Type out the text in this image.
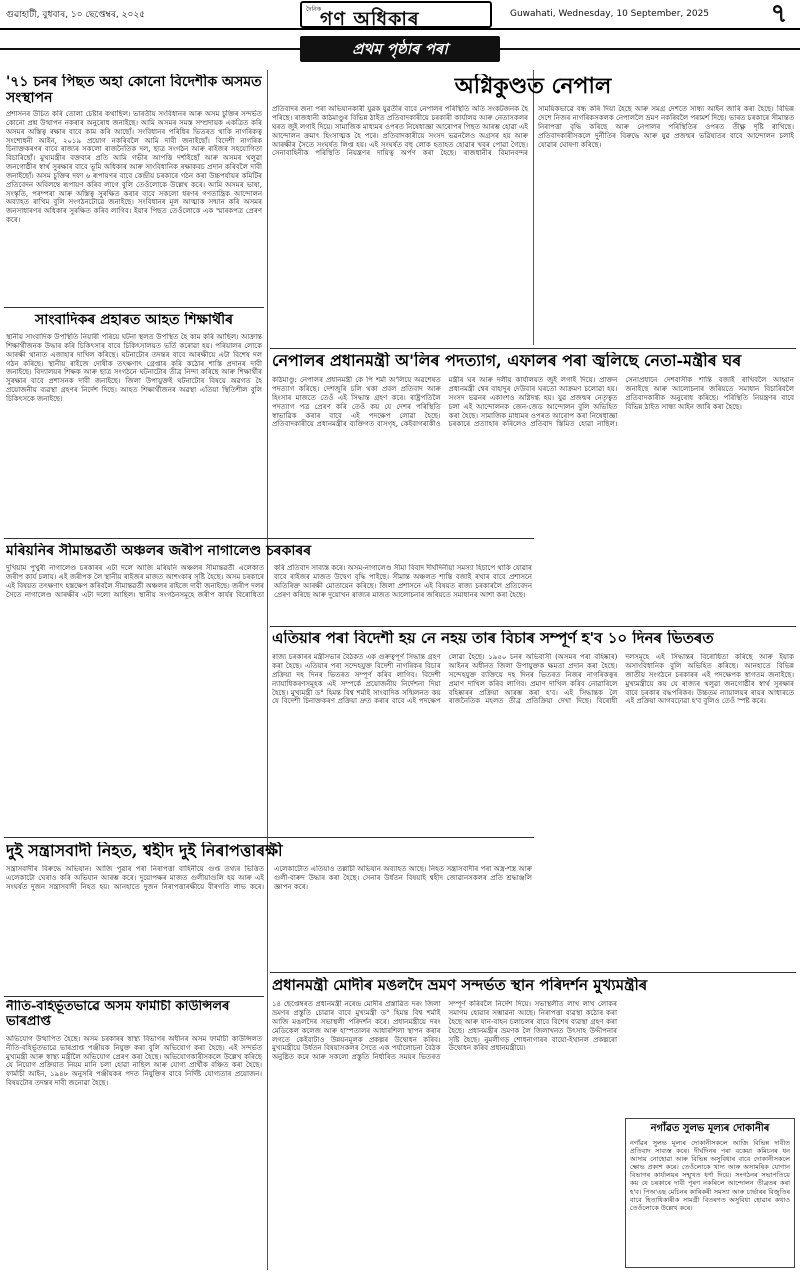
গুৱাহাটী, বুধবাৰ, ১০ ছেপ্তেম্বৰ, ২০২৫
দৈনিক
গণ অধিকাৰ	Guwahati, Wednesday, 10 September, 2025	৭
প্ৰথম পৃষ্ঠাৰ পৰা
'৭১ চনৰ পিছত অহা কোনো বিদেশীক অসমত সংস্থাপন
প্ৰশাসনৰ উচিত কৰি তোলা চেষ্টাৰ কথাছিল। ভাৰতীয় সংবিধানৰ আৰু অসম চুক্তিৰ সন্দৰ্ভত কোনো প্ৰশ্ন উত্থাপন নকৰাৰ অনুৰোধ জনাইছে। আমি অসমৰ সমস্ত সম্প্ৰদায়ক একত্ৰিত কৰি অসমৰ অস্তিত্ব ৰক্ষাৰ বাবে কাম কৰি আছোঁ। সংবিধানৰ পৰিধিৰ ভিতৰত থাকি নাগৰিকত্ব সংশোধনী আইন, ২০১৯ প্ৰয়োগ নকৰিবলৈ আমি দাবী জনাইছোঁ। বিদেশী নাগৰিক চিনাক্তকৰণৰ বাবে ৰাজ্যৰ সকলো ৰাজনৈতিক দল, ছাত্ৰ সংগঠন আৰু ৰাইজৰ সহযোগিতা বিচাৰিছোঁ। মুখ্যমন্ত্ৰীৰ বক্তব্যৰ প্ৰতি আমি গভীৰ আপত্তি দৰ্শাইছোঁ আৰু অসমৰ থলুৱা জনগোষ্ঠীৰ স্বাৰ্থ সুৰক্ষাৰ বাবে ভূমি অধিকাৰ আৰু সাংবিধানিক ৰক্ষাকবচ প্ৰদান কৰিবলৈ দাবী জনাইছোঁ। অসম চুক্তিৰ দফা ৬ ৰূপায়ণৰ বাবে কেন্দ্ৰীয় চৰকাৰে গঠন কৰা উচ্চপৰ্যায়ৰ কমিটিৰ প্ৰতিবেদন অবিলম্বে ৰূপায়ণ কৰিব লাগে বুলি তেওঁলোকে উল্লেখ কৰে। আমি অসমৰ ভাষা, সংস্কৃতি, পৰম্পৰা আৰু অস্তিত্ব সুৰক্ষিত কৰাৰ বাবে সকলো ধৰণৰ গণতান্ত্ৰিক আন্দোলন অব্যাহত ৰাখিম বুলি সংগঠনটোৱে জনাইছে। সংবিধানৰ মূল আত্মাক সন্মান কৰি অসমৰ জনসাধাৰণৰ অধিকাৰ সুৰক্ষিত কৰিব লাগিব। ইয়াৰ পিছত তেওঁলোকে এক স্মাৰকপত্ৰ প্ৰেৰণ কৰে।
সাংবাদিকৰ প্ৰহাৰত আহত শিক্ষাৰ্থীৰ
স্থানীয় সাংবাদিক উপস্থিতি নিয়াৰী পৰিয়ে ঘটনা স্থলত উপস্থিত হৈ কাম কৰি আছিল। আক্ৰান্ত শিক্ষাৰ্থীজনক উদ্ধাৰ কৰি চিকিৎসাৰ বাবে চিকিৎসালয়ত ভৰ্তি কৰোৱা হয়। পৰিয়ালৰ লোকে আৰক্ষী থানাত এজাহাৰ দাখিল কৰিছে। ঘটনাটোৰ তদন্তৰ বাবে আৰক্ষীয়ে এটা বিশেষ দল গঠন কৰিছে। স্থানীয় ৰাইজে দোষীক তৎক্ষণাৎ গ্ৰেপ্তাৰ কৰি কঠোৰ শাস্তি প্ৰদানৰ দাবী জনাইছে। বিদ্যালয়ৰ শিক্ষক আৰু ছাত্ৰ সংগঠনে ঘটনাটোৰ তীব্ৰ নিন্দা কৰিছে আৰু শিক্ষাৰ্থীৰ সুৰক্ষাৰ বাবে প্ৰশাসনক দাবী জনাইছে। জিলা উপায়ুক্তই ঘটনাটোৰ বিষয়ে অৱগত হৈ প্ৰয়োজনীয় ব্যৱস্থা গ্ৰহণৰ নিৰ্দেশ দিছে। আহত শিক্ষাৰ্থীজনৰ অৱস্থা এতিয়া স্থিতিশীল বুলি চিকিৎসকে জনাইছে।
মৰিয়নিৰ সীমান্তৱৰ্তী অঞ্চলৰ জৰীপ নাগালেণ্ড চৰকাৰৰ
দুখিয়াম পুখুৰী নাগালেণ্ড চৰকাৰৰ এটা দলে আজি মৰিয়নি অঞ্চলৰ সীমান্তৱৰ্তী এলেকাত জৰীপ কাৰ্য চলায়। এই জৰীপক লৈ স্থানীয় ৰাইজৰ মাজত আশংকাৰ সৃষ্টি হৈছে। অসম চৰকাৰে এই বিষয়ত তৎক্ষণাৎ হস্তক্ষেপ কৰিবলৈ সীমান্তৱৰ্তী অঞ্চলৰ ৰাইজে দাবী জনাইছে। জৰীপ দলৰ সৈতে নাগালেণ্ড আৰক্ষীৰ এটা দলো আছিল। স্থানীয় সংগঠনসমূহে জৰীপ কাৰ্যৰ বিৰোধিতা কৰি প্ৰতিবাদ সাব্যস্ত কৰে। অসম-নাগালেণ্ড সীমা বিবাদ দীৰ্ঘদিনীয়া সমস্যা হিচাপে থাকি যোৱাৰ বাবে ৰাইজৰ মাজত উদ্বেগ বৃদ্ধি পাইছে। সীমান্ত অঞ্চলত শান্তি বজাই ৰখাৰ বাবে প্ৰশাসনে অতিৰিক্ত আৰক্ষী মোতায়েন কৰিছে। জিলা প্ৰশাসনে এই বিষয়ত ৰাজ্য চৰকাৰলৈ প্ৰতিবেদন প্ৰেৰণ কৰিছে আৰু দুয়োখন ৰাজ্যৰ মাজত আলোচনাৰ জৰিয়তে সমাধানৰ আশা কৰা হৈছে।
দুই সন্ত্ৰাসবাদী নিহত, শ্বহীদ দুই নিৰাপত্তাৰক্ষী
সন্ত্ৰাসবাদীৰ বিৰুদ্ধে অভিযান। আজি পুৱাৰ পৰা নিৰাপত্তা বাহিনীয়ে গুপ্ত তথ্যৰ ভিত্তিত এলেকাটো ঘেৰাও কৰি অভিযান আৰম্ভ কৰে। দুয়োপক্ষৰ মাজত গুলীয়াগুলি হয় আৰু এই সংঘৰ্ষত দুজন সন্ত্ৰাসবাদী নিহত হয়। আনহাতে দুজন নিৰাপত্তাৰক্ষীয়ে বীৰগতি লাভ কৰে। এলেকাটোত এতিয়াও তল্লাচী অভিযান অব্যাহত আছে। নিহত সন্ত্ৰাসবাদীৰ পৰা অস্ত্ৰ-শস্ত্ৰ আৰু গুলী-বাৰুদ উদ্ধাৰ কৰা হৈছে। সেনাৰ উৰ্ধতন বিষয়াই শ্বহীদ জোৱানসকলৰ প্ৰতি শ্ৰদ্ধাঞ্জলি জ্ঞাপন কৰে।
নীতি-বহিৰ্ভূতভাৱে অসম ফাৰ্মাচী কাউন্সিলৰ ভাৰপ্ৰাপ্ত
অভিযোগ উত্থাপিত হৈছে। অসম চৰকাৰৰ স্বাস্থ্য বিভাগৰ অধীনৰ অসম ফাৰ্মাচী কাউন্সিলত নীতি-বহিৰ্ভূতভাৱে ভাৰপ্ৰাপ্ত পঞ্জীয়ক নিযুক্ত কৰা বুলি অভিযোগ কৰা হৈছে। এই সন্দৰ্ভত মুখ্যমন্ত্ৰী আৰু স্বাস্থ্য মন্ত্ৰীলৈ অভিযোগ প্ৰেৰণ কৰা হৈছে। অভিযোগকাৰীসকলে উল্লেখ কৰিছে যে নিয়োগ প্ৰক্ৰিয়াত নিয়ম মানি চলা হোৱা নাছিল আৰু যোগ্য প্ৰাৰ্থীক বঞ্চিত কৰা হৈছে। ফাৰ্মাচী আইন, ১৯৪৮ অনুসৰি পঞ্জীয়কৰ পদত নিযুক্তিৰ বাবে নিৰ্দিষ্ট যোগ্যতাৰ প্ৰয়োজন। বিষয়টোৰ তদন্তৰ দাবী জনোৱা হৈছে।
অগ্নিকুণ্ডত নেপাল
প্ৰতিবাদৰ জনা পৰা অভিযানকাৰী যুৱক যুৱতীৰ বাবে নেপালৰ পৰিস্থিতি অতি সংকটজনক হৈ পৰিছে। ৰাজধানী কাঠমাণ্ডুৰ বিভিন্ন ঠাইত প্ৰতিবাদকাৰীয়ে চৰকাৰী কাৰ্যালয় আৰু নেতাসকলৰ ঘৰত জুই লগাই দিয়ে। সামাজিক মাধ্যমৰ ওপৰত নিষেধাজ্ঞা আৰোপৰ পিছত আৰম্ভ হোৱা এই আন্দোলন ক্ৰমাৎ হিংসাত্মক হৈ পৰে। প্ৰতিবাদকাৰীয়ে সংসদ ভৱনলৈও অগ্ৰসৰ হয় আৰু আৰক্ষীৰ সৈতে সংঘৰ্ষত লিপ্ত হয়। এই সংঘৰ্ষত বহু লোক হতাহত হোৱাৰ খবৰ পোৱা গৈছে। সেনাবাহিনীক পৰিস্থিতি নিয়ন্ত্ৰণৰ দায়িত্ব অৰ্পণ কৰা হৈছে। ৰাজধানীৰ বিমানবন্দৰ সাময়িকভাৱে বন্ধ কৰি দিয়া হৈছে আৰু সমগ্ৰ দেশতে সান্ধ্য আইন জাৰি কৰা হৈছে। বিভিন্ন দেশে নিজৰ নাগৰিকসকলক নেপাললৈ ভ্ৰমণ নকৰিবলৈ পৰামৰ্শ দিছে। ভাৰত চৰকাৰে সীমান্তত নিৰাপত্তা বৃদ্ধি কৰিছে আৰু নেপালৰ পৰিস্থিতিৰ ওপৰত তীক্ষ্ণ দৃষ্টি ৰাখিছে। প্ৰতিবাদকাৰীসকলে দুৰ্নীতিৰ বিৰুদ্ধে আৰু যুৱ প্ৰজন্মৰ ভৱিষ্যতৰ বাবে আন্দোলন চলাই যোৱাৰ ঘোষণা কৰিছে।
নেপালৰ প্ৰধানমন্ত্ৰী অ'লিৰ পদত্যাগ, এফালৰ পৰা জ্বলিছে নেতা-মন্ত্ৰীৰ ঘৰ
কাঠমাণ্ডু: নেপালৰ প্ৰধানমন্ত্ৰী কে পি শৰ্মা অ'লিয়ে অৱশেষত পদত্যাগ কৰিছে। দেশজুৰি চলি থকা প্ৰবল প্ৰতিবাদ আৰু হিংসাৰ মাজতে তেওঁ এই সিদ্ধান্ত গ্ৰহণ কৰে। ৰাষ্ট্ৰপতিলৈ পদত্যাগ পত্ৰ প্ৰেৰণ কৰি তেওঁ কয় যে দেশৰ পৰিস্থিতি স্বাভাৱিক কৰাৰ বাবে এই পদক্ষেপ লোৱা হৈছে। প্ৰতিবাদকাৰীয়ে প্ৰধানমন্ত্ৰীৰ ব্যক্তিগত বাসগৃহ, কেইবাগৰাকীও মন্ত্ৰীৰ ঘৰ আৰু দলীয় কাৰ্যালয়ত জুই লগাই দিয়ে। প্ৰাক্তন প্ৰধানমন্ত্ৰী শ্বেৰ বাহাদুৰ দেউবাৰ ঘৰতো আক্ৰমণ চলোৱা হয়। সংসদ ভৱনৰ একাংশও অগ্নিদগ্ধ হয়। যুৱ প্ৰজন্মৰ নেতৃত্বত চলা এই আন্দোলনক জেন-জেড আন্দোলন বুলি অভিহিত কৰা হৈছে। সামাজিক মাধ্যমৰ ওপৰত আৰোপ কৰা নিষেধাজ্ঞা চৰকাৰে প্ৰত্যাহাৰ কৰিলেও প্ৰতিবাদ স্তিমিত হোৱা নাছিল। সেনাপ্ৰধানে দেশবাসীক শান্তি বজাই ৰাখিবলৈ আহ্বান জনাইছে আৰু আলোচনাৰ জৰিয়তে সমাধান বিচাৰিবলৈ প্ৰতিবাদকাৰীক অনুৰোধ কৰিছে। পৰিস্থিতি নিয়ন্ত্ৰণৰ বাবে বিভিন্ন ঠাইত সান্ধ্য আইন জাৰি কৰা হৈছে।
এতিয়াৰ পৰা বিদেশী হয় নে নহয় তাৰ বিচাৰ সম্পূৰ্ণ হ'ব ১০ দিনৰ ভিতৰত
ৰাজ্য চৰকাৰৰ মন্ত্ৰীসভাৰ বৈঠকত এক গুৰুত্বপূৰ্ণ সিদ্ধান্ত গ্ৰহণ কৰা হৈছে। এতিয়াৰ পৰা সন্দেহযুক্ত বিদেশী নাগৰিকৰ বিচাৰ প্ৰক্ৰিয়া দহ দিনৰ ভিতৰত সম্পূৰ্ণ কৰিব লাগিব। বিদেশী ন্যায়াধিকৰণসমূহক এই সম্পৰ্কে প্ৰয়োজনীয় নিৰ্দেশনা দিয়া হৈছে। মুখ্যমন্ত্ৰী ড° হিমন্ত বিশ্ব শৰ্মাই সাংবাদিক সন্মিলনত কয় যে বিদেশী চিনাক্তকৰণ প্ৰক্ৰিয়া দ্ৰুত কৰাৰ বাবে এই পদক্ষেপ লোৱা হৈছে। ১৯৫০ চনৰ অভিবাসী (অসমৰ পৰা বহিষ্কাৰ) আইনৰ অধীনত জিলা উপায়ুক্তক ক্ষমতা প্ৰদান কৰা হৈছে। সন্দেহযুক্ত ব্যক্তিয়ে দহ দিনৰ ভিতৰত নিজৰ নাগৰিকত্বৰ প্ৰমাণ দাখিল কৰিব লাগিব। প্ৰমাণ দাখিল কৰিব নোৱাৰিলে বহিষ্কাৰৰ প্ৰক্ৰিয়া আৰম্ভ কৰা হ'ব। এই সিদ্ধান্তক লৈ ৰাজনৈতিক মহলত তীব্ৰ প্ৰতিক্ৰিয়া দেখা দিছে। বিৰোধী দলসমূহে এই সিদ্ধান্তৰ বিৰোধিতা কৰিছে আৰু ইয়াক অসাংবিধানিক বুলি অভিহিত কৰিছে। আনহাতে বিভিন্ন জাতীয় সংগঠনে চৰকাৰৰ এই পদক্ষেপক স্বাগতম জনাইছে। মুখ্যমন্ত্ৰীয়ে কয় যে ৰাজ্যৰ থলুৱা জনগোষ্ঠীৰ স্বাৰ্থ সুৰক্ষাৰ বাবে চৰকাৰ বদ্ধপৰিকৰ। উচ্চতম ন্যায়ালয়ৰ ৰায়ৰ আধাৰতে এই প্ৰক্ৰিয়া আগবঢ়োৱা হ'ব বুলিও তেওঁ স্পষ্ট কৰে।
প্ৰধানমন্ত্ৰী মোদীৰ মঙলদৈ ভ্ৰমণ সন্দৰ্ভত স্থান পৰিদৰ্শন মুখ্যমন্ত্ৰীৰ
১৪ ছেপ্তেম্বৰত প্ৰধানমন্ত্ৰী নৰেন্দ্ৰ মোদীৰ প্ৰস্তাৱিত দৰং জিলা ভ্ৰমণৰ প্ৰস্তুতি চোৱাৰ বাবে মুখ্যমন্ত্ৰী ড° হিমন্ত বিশ্ব শৰ্মাই আজি মঙলদৈৰ সভাস্থলী পৰিদৰ্শন কৰে। প্ৰধানমন্ত্ৰীয়ে দৰং মেডিকেল কলেজ আৰু হাস্পতালৰ আধাৰশিলা স্থাপন কৰাৰ লগতে কেইবাটাও উন্নয়নমূলক প্ৰকল্পৰ উদ্বোধন কৰিব। মুখ্যমন্ত্ৰীয়ে উৰ্ধতন বিষয়াসকলৰ সৈতে এক পৰ্যালোচনা বৈঠক অনুষ্ঠিত কৰে আৰু সকলো প্ৰস্তুতি নিৰ্ধাৰিত সময়ৰ ভিতৰত সম্পূৰ্ণ কৰিবলৈ নিৰ্দেশ দিয়ে। সভাস্থলীত লাখ লাখ লোকৰ সমাগম হোৱাৰ সম্ভাৱনা আছে। নিৰাপত্তা ব্যৱস্থা কঠোৰ কৰা হৈছে আৰু যান-বাহন চলাচলৰ বাবে বিশেষ ব্যৱস্থা গ্ৰহণ কৰা হৈছে। প্ৰধানমন্ত্ৰীৰ ভ্ৰমণক লৈ জিলাখনত উৎসাহ উদ্দীপনাৰ সৃষ্টি হৈছে। নুমলীগড় শোধনাগাৰৰ বায়ো-ইথানল প্ৰকল্পৰো উদ্বোধন কৰিব প্ৰধানমন্ত্ৰীয়ে।
নগাঁৱত সুলভ মূল্যৰ দোকানীৰ
নগাঁৱৰ সুলভ মূল্যৰ দোকানীসকলে আজি বিভিন্ন দাবীত প্ৰতিবাদ সাব্যস্ত কৰে। দীৰ্ঘদিনৰ পৰা বকেয়া কমিচনৰ ধন আদায় নোহোৱা আৰু বিভিন্ন অসুবিধাৰ বাবে দোকানীসকলে ক্ষোভ প্ৰকাশ কৰে। তেওঁলোকে খাদ্য আৰু অসামৰিক যোগান বিভাগৰ কাৰ্যালয়ৰ সন্মুখত ধৰ্ণা দিয়ে। সংগঠনৰ সভাপতিয়ে কয় যে চৰকাৰে দাবী পূৰণ নকৰিলে আন্দোলন তীব্ৰতৰ কৰা হ'ব। পিঅ'এছ মেচিনৰ কাৰিকৰী সমস্যা আৰু চাৰ্ভাৰৰ বিজুতিৰ বাবে হিতাধিকাৰীক সামগ্ৰী বিতৰণত অসুবিধা হোৱাৰ কথাও তেওঁলোকে উল্লেখ কৰে।
